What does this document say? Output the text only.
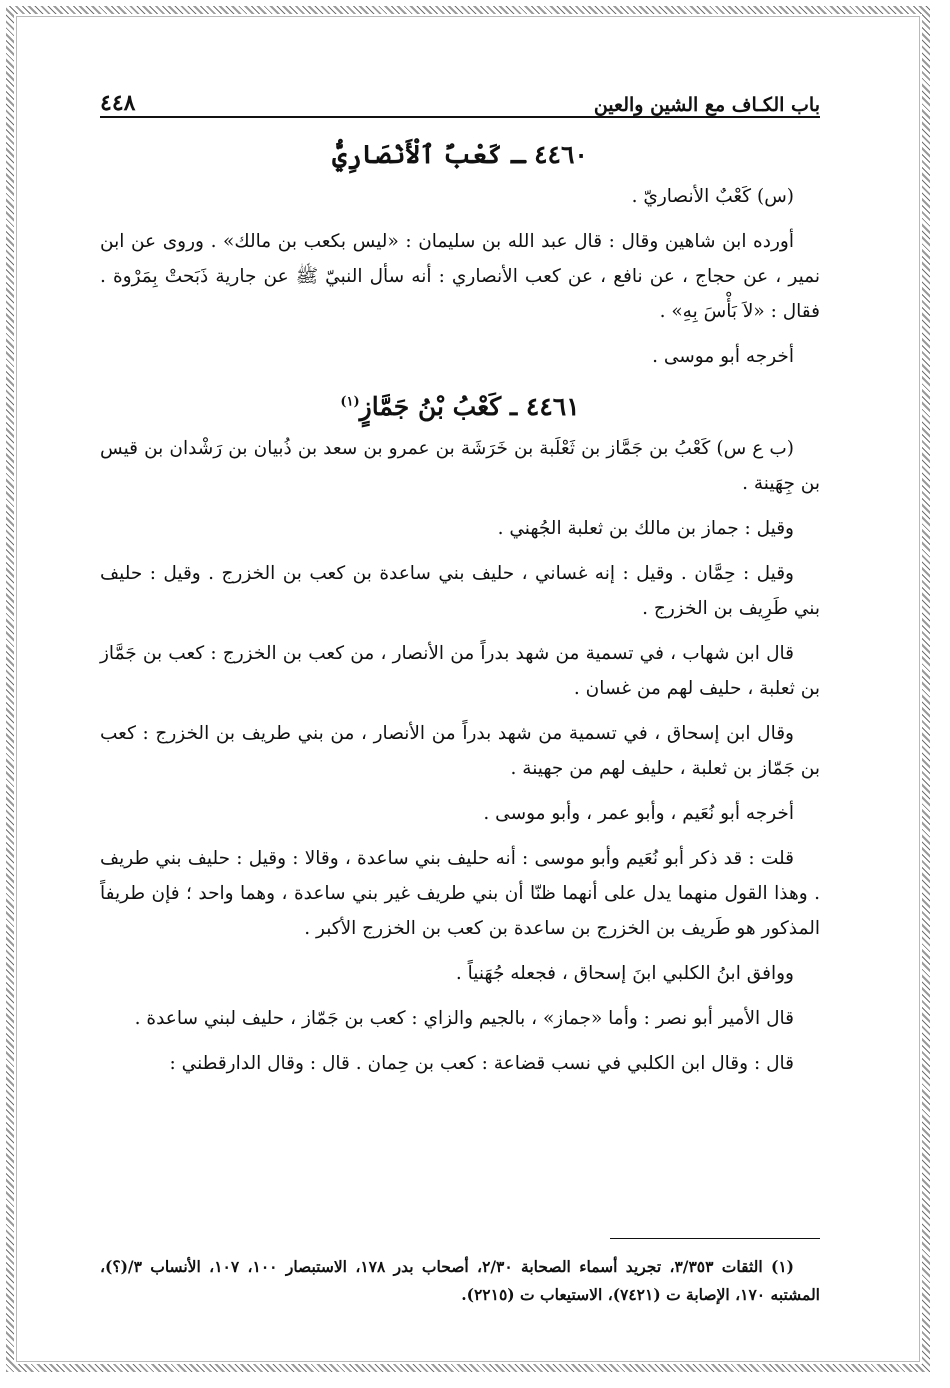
باب الكـاف مع الشين والعين
٤٤٨
٤٤٦٠ ـ كَعْبٌ ٱلْأَنْصَارِيُّ

(س) كَعْبٌ الأنصاريّ .

أورده ابن شاهين وقال : قال عبد الله بن سليمان : «ليس بكعب بن مالك» . وروى عن ابن نمير ، عن حجاج ، عن نافع ، عن كعب الأنصاري : أنه سأل النبيّ ﷺ عن جارية ذَبَحتْ بِمَرْوة . فقال : «لاَ بَأْسَ بِهِ» .

أخرجه أبو موسى .

٤٤٦١ ـ كَعْبُ بْنُ جَمَّازٍ$^{(١)}$

(ب ع س) كَعْبُ بن جَمَّاز بن ثَعْلَبة بن خَرَشَة بن عمرو بن سعد بن ذُبيان بن رَشْدان بن قيس بن جِهَينة .

وقيل : جماز بن مالك بن ثعلبة الجُهني .

وقيل : حِمَّان . وقيل : إنه غساني ، حليف بني ساعدة بن كعب بن الخزرج . وقيل : حليف بني طَرِيف بن الخزرج .

قال ابن شهاب ، في تسمية من شهد بدراً من الأنصار ، من كعب بن الخزرج : كعب بن جَمَّاز بن ثعلبة ، حليف لهم من غسان .

وقال ابن إسحاق ، في تسمية من شهد بدراً من الأنصار ، من بني طريف بن الخزرج : كعب بن جَمّاز بن ثعلبة ، حليف لهم من جهينة .

أخرجه أبو نُعَيم ، وأبو عمر ، وأبو موسى .

قلت : قد ذكر أبو نُعَيم وأبو موسى : أنه حليف بني ساعدة ، وقالا : وقيل : حليف بني طريف . وهذا القول منهما يدل على أنهما ظنّا أن بني طريف غير بني ساعدة ، وهما واحد ؛ فإن طريفاً المذكور هو طَريف بن الخزرج بن ساعدة بن كعب بن الخزرج الأكبر .

ووافق ابنُ الكلبي ابنَ إسحاق ، فجعله جُهَنياً .

قال الأمير أبو نصر : وأما «جماز» ، بالجيم والزاي : كعب بن جَمّاز ، حليف لبني ساعدة .

قال : وقال ابن الكلبي في نسب قضاعة : كعب بن حِمان . قال : وقال الدارقطني :

(١) الثقات ٣/٣٥٣، تجريد أسماء الصحابة ٢/٣٠، أصحاب بدر ١٧٨، الاستبصار ١٠٠، ١٠٧، الأنساب ٣/(؟)، المشتبه ١٧٠، الإصابة ت (٧٤٢١)، الاستيعاب ت (٢٢١٥).
